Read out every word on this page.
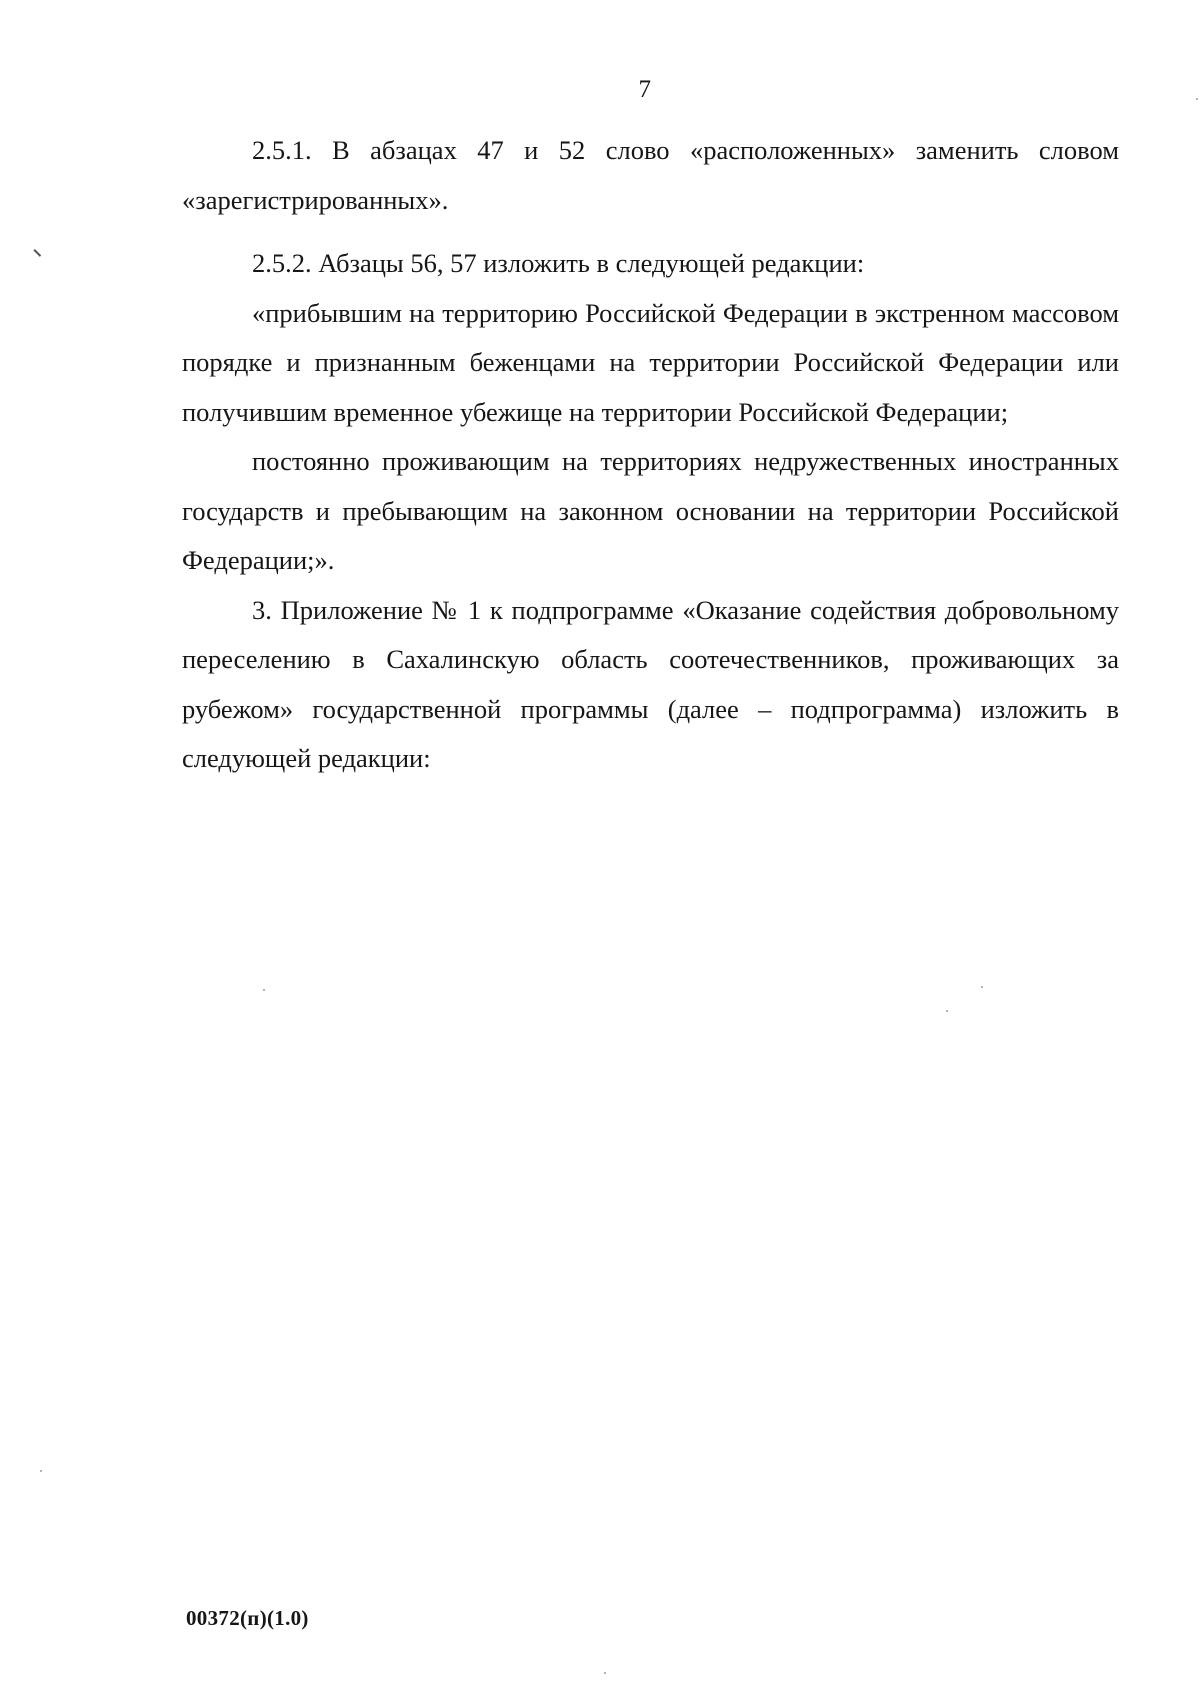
7

2.5.1. В абзацах 47 и 52 слово «расположенных» заменить словом «зарегистрированных».

2.5.2. Абзацы 56, 57 изложить в следующей редакции:

«прибывшим на территорию Российской Федерации в экстренном массовом порядке и признанным беженцами на территории Российской Федерации или получившим временное убежище на территории Российской Федерации;

постоянно проживающим на территориях недружественных иностранных государств и пребывающим на законном основании на территории Российской Федерации;».

3. Приложение № 1 к подпрограмме «Оказание содействия добровольному переселению в Сахалинскую область соотечественников, проживающих за рубежом» государственной программы (далее – подпрограмма) изложить в следующей редакции:

00372(п)(1.0)
